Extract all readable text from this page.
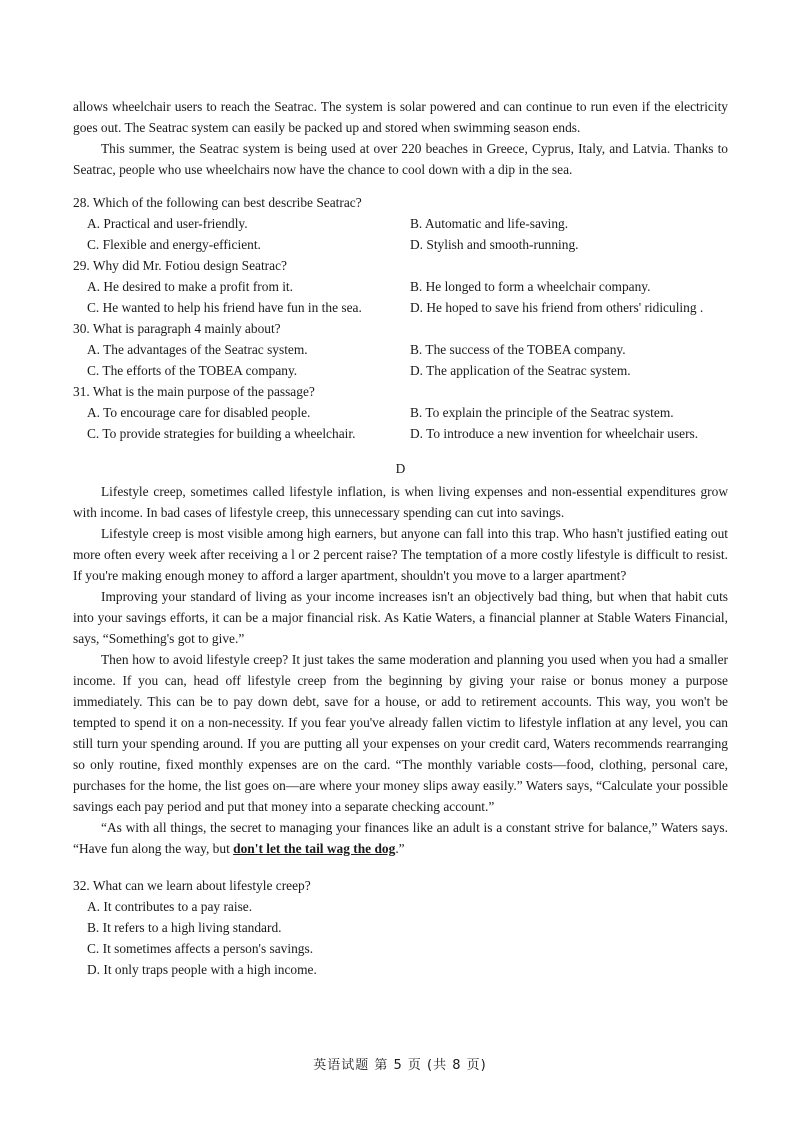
allows wheelchair users to reach the Seatrac. The system is solar powered and can continue to run even if the electricity goes out. The Seatrac system can easily be packed up and stored when swimming season ends.

This summer, the Seatrac system is being used at over 220 beaches in Greece, Cyprus, Italy, and Latvia. Thanks to Seatrac, people who use wheelchairs now have the chance to cool down with a dip in the sea.

28. Which of the following can best describe Seatrac?
A. Practical and user-friendly.	B. Automatic and life-saving.
C. Flexible and energy-efficient.	D. Stylish and smooth-running.
29. Why did Mr. Fotiou design Seatrac?
A. He desired to make a profit from it.	B. He longed to form a wheelchair company.
C. He wanted to help his friend have fun in the sea.	D. He hoped to save his friend from others' ridiculing .
30. What is paragraph 4 mainly about?
A. The advantages of the Seatrac system.	B. The success of the TOBEA company.
C. The efforts of the TOBEA company.	D. The application of the Seatrac system.
31. What is the main purpose of the passage?
A. To encourage care for disabled people.	B. To explain the principle of the Seatrac system.
C. To provide strategies for building a wheelchair.	D. To introduce a new invention for wheelchair users.
D

Lifestyle creep, sometimes called lifestyle inflation, is when living expenses and non-essential expenditures grow with income. In bad cases of lifestyle creep, this unnecessary spending can cut into savings.

Lifestyle creep is most visible among high earners, but anyone can fall into this trap. Who hasn't justified eating out more often every week after receiving a l or 2 percent raise? The temptation of a more costly lifestyle is difficult to resist. If you're making enough money to afford a larger apartment, shouldn't you move to a larger apartment?

Improving your standard of living as your income increases isn't an objectively bad thing, but when that habit cuts into your savings efforts, it can be a major financial risk. As Katie Waters, a financial planner at Stable Waters Financial, says, “Something's got to give.”

Then how to avoid lifestyle creep? It just takes the same moderation and planning you used when you had a smaller income. If you can, head off lifestyle creep from the beginning by giving your raise or bonus money a purpose immediately. This can be to pay down debt, save for a house, or add to retirement accounts. This way, you won't be tempted to spend it on a non-necessity. If you fear you've already fallen victim to lifestyle inflation at any level, you can still turn your spending around. If you are putting all your expenses on your credit card, Waters recommends rearranging so only routine, fixed monthly expenses are on the card. “The monthly variable costs—food, clothing, personal care, purchases for the home, the list goes on—are where your money slips away easily.” Waters says, “Calculate your possible savings each pay period and put that money into a separate checking account.”

“As with all things, the secret to managing your finances like an adult is a constant strive for balance,” Waters says. “Have fun along the way, but don't let the tail wag the dog.”

32. What can we learn about lifestyle creep?
A. It contributes to a pay raise.
B. It refers to a high living standard.
C. It sometimes affects a person's savings.
D. It only traps people with a high income.
英语试题 第 5 页 (共 8 页)
